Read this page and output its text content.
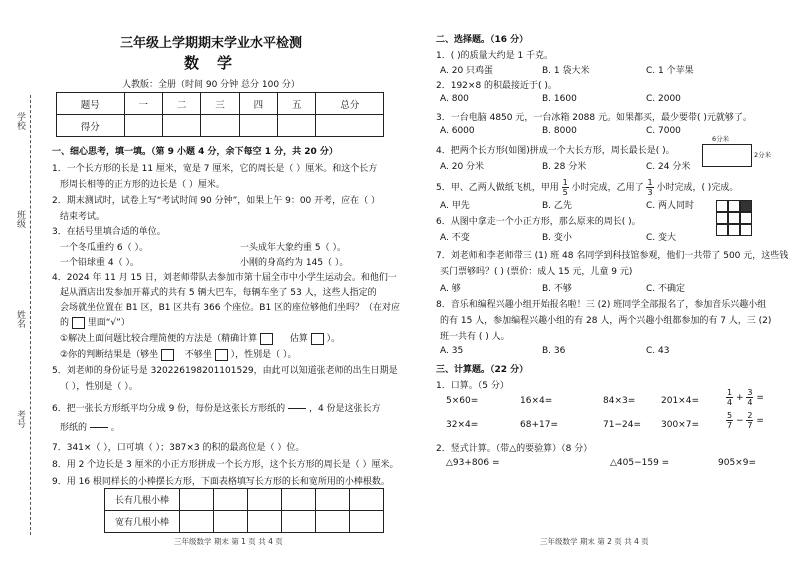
学校
班级
姓名
考号
三年级上学期期末学业水平检测
数学
人教版：全册（时间 90 分钟 总分 100 分）
题号	一	二	三	四	五	总分
得分						
一、细心思考，填一填。（第 9 小题 4 分，余下每空 1 分，共 20 分）
1．一个长方形的长是 11 厘米，宽是 7 厘米，它的周长是（ ）厘米。和这个长方
形周长相等的正方形的边长是（ ）厘米。
2．期末测试时，试卷上写“考试时间 90 分钟”，如果上午 9：00 开考，应在（ ）
结束考试。
3．在括号里填合适的单位。
一个冬瓜重约 6（ ）。	一头成年大象约重 5（ ）。
一个铅球重 4（ ）。	小刚的身高约为 145（ ）。
4．2024 年 11 月 15 日，刘老师带队去参加市第十届全市中小学生运动会。和他们一
起从酒店出发参加开幕式的共有 5 辆大巴车，每辆车坐了 53 人，这些人指定的
会场就坐位置在 B1 区，B1 区共有 366 个座位。B1 区的座位够他们坐吗？（在对应
的 里面“√”）
①解决上面问题比较合理简便的方法是（精确计算	估算 ）。
②你的判断结果是（够坐	不够坐 ），性别是（ ）。
5．刘老师的身份证号是 320226198201101529，由此可以知道张老师的出生日期是
（ ），性别是（ ）。
6．把一张长方形纸平均分成 9 份，每份是这张长方形纸的

  	，4 份是这张长方
形纸的

  	。
7．341×（ ），口可填（ ）；387×3 的积的最高位是（ ）位。
8．用 2 个边长是 3 厘米的小正方形拼成一个长方形，这个长方形的周长是（ ）厘米。
9．用 16 根同样长的小棒摆长方形，下面表格填写长方形的长和宽所用的小棒根数。
长有几根小棒						
宽有几根小棒						
三年级数学 期末 第 1 页 共 4 页
二、选择题。（16 分）
1．( )的质量大约是 1 千克。
A. 20 只鸡蛋	B. 1 袋大米	C. 1 个苹果
2．192×8 的积最接近于( )。
A. 800	B. 1600	C. 2000
3．一台电脑 4850 元，一台冰箱 2088 元。如果都买，最少要带( )元就够了。
A. 6000	B. 8000	C. 7000
4．把两个长方形(如图)拼成一个大长方形，周长最长是( )。
A. 20 分米	B. 28 分米	C. 24 分米
6分米
2分米
5．甲、乙两人做纸飞机，甲用 $\frac{1}{5}$ 小时完成，乙用了 $\frac{1}{3}$ 小时完成，( )完成。
A. 甲先	B. 乙先	C. 两人同时
6．从图中拿走一个小正方形，那么原来的周长( )。
A. 不变	B. 变小	C. 变大
7．刘老师和李老师带三 (1) 班 48 名同学到科技馆参观，他们一共带了 500 元，这些钱
买门票够吗？( ) (票价：成人 15 元，儿童 9 元)
A. 够	B. 不够	C. 不确定
8．音乐和编程兴趣小组开始报名啦！三 (2) 班同学全部报名了，参加音乐兴趣小组
的有 15 人，参加编程兴趣小组的有 28 人，两个兴趣小组都参加的有 7 人，三 (2)
班一共有 ( ) 人。
A. 35	B. 36	C. 43
三、计算题。（22 分）
1．口算。（5 分）
5×60=	16×4=	84×3=	201×4=	$\frac{1}{4} + \frac{3}{4}$ =
32×4=	68+17=	71−24= 300×7=	$\frac{5}{7} - \frac{2}{7}$ =
2．竖式计算。（带△的要验算）（8 分）
△93+806 =	△405−159 =	905×9=
三年级数学 期末 第 2 页 共 4 页
